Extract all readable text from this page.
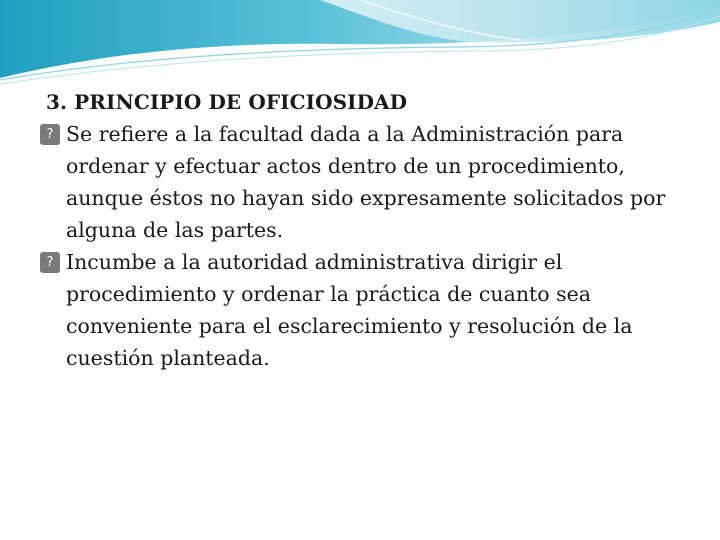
3. PRINCIPIO DE OFICIOSIDAD

? Se refiere a la facultad dada a la Administración para ordenar y efectuar actos dentro de un procedimiento, aunque éstos no hayan sido expresamente solicitados por alguna de las partes.

? Incumbe a la autoridad administrativa dirigir el procedimiento y ordenar la práctica de cuanto sea conveniente para el esclarecimiento y resolución de la cuestión planteada.
